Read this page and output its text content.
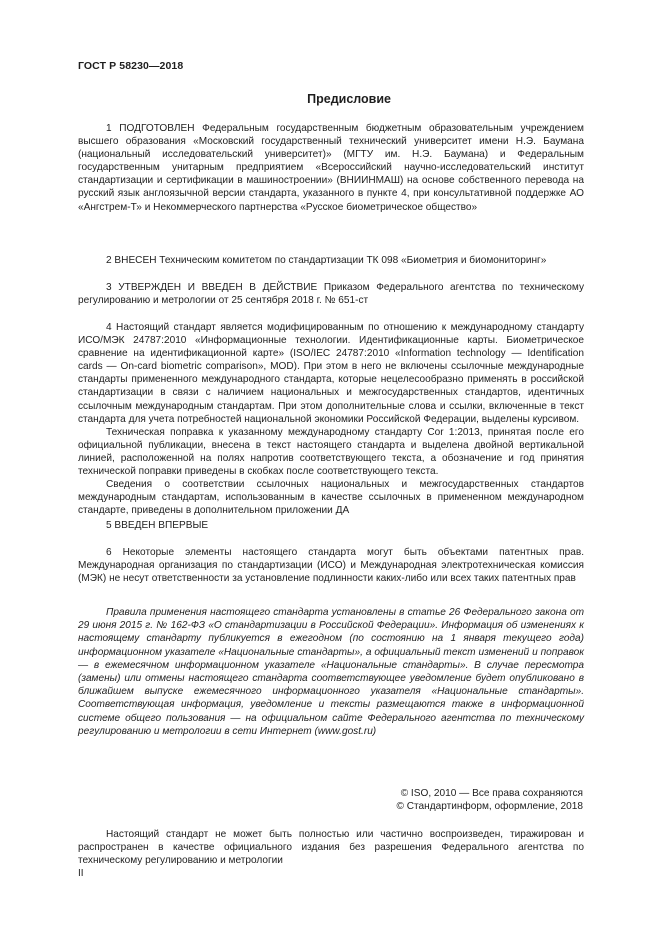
ГОСТ Р 58230—2018
Предисловие

1 ПОДГОТОВЛЕН Федеральным государственным бюджетным образовательным учреждением высшего образования «Московский государственный технический университет имени Н.Э. Баумана (национальный исследовательский университет)» (МГТУ им. Н.Э. Баумана) и Федеральным государственным унитарным предприятием «Всероссийский научно-исследовательский институт стандартизации и сертификации в машиностроении» (ВНИИНМАШ) на основе собственного перевода на русский язык англоязычной версии стандарта, указанного в пункте 4, при консультативной поддержке АО «Ангстрем-Т» и Некоммерческого партнерства «Русское биометрическое общество»

2 ВНЕСЕН Техническим комитетом по стандартизации ТК 098 «Биометрия и биомониторинг»

3 УТВЕРЖДЕН И ВВЕДЕН В ДЕЙСТВИЕ Приказом Федерального агентства по техническому регулированию и метрологии от 25 сентября 2018 г. № 651-ст

4 Настоящий стандарт является модифицированным по отношению к международному стандарту ИСО/МЭК 24787:2010 «Информационные технологии. Идентификационные карты. Биометрическое сравнение на идентификационной карте» (ISO/IEC 24787:2010 «Information technology — Identification cards — On-card biometric comparison», MOD). При этом в него не включены ссылочные международные стандарты примененного международного стандарта, которые нецелесообразно применять в российской стандартизации в связи с наличием национальных и межгосударственных стандартов, идентичных ссылочным международным стандартам. При этом дополнительные слова и ссылки, включенные в текст стандарта для учета потребностей национальной экономики Российской Федерации, выделены курсивом.

Техническая поправка к указанному международному стандарту Cor 1:2013, принятая после его официальной публикации, внесена в текст настоящего стандарта и выделена двойной вертикальной линией, расположенной на полях напротив соответствующего текста, а обозначение и год принятия технической поправки приведены в скобках после соответствующего текста.

Сведения о соответствии ссылочных национальных и межгосударственных стандартов международным стандартам, использованным в качестве ссылочных в примененном международном стандарте, приведены в дополнительном приложении ДА

5 ВВЕДЕН ВПЕРВЫЕ

6 Некоторые элементы настоящего стандарта могут быть объектами патентных прав. Международная организация по стандартизации (ИСО) и Международная электротехническая комиссия (МЭК) не несут ответственности за установление подлинности каких-либо или всех таких патентных прав

Правила применения настоящего стандарта установлены в статье 26 Федерального закона от 29 июня 2015 г. № 162-ФЗ «О стандартизации в Российской Федерации». Информация об изменениях к настоящему стандарту публикуется в ежегодном (по состоянию на 1 января текущего года) информационном указателе «Национальные стандарты», а официальный текст изменений и поправок — в ежемесячном информационном указателе «Национальные стандарты». В случае пересмотра (замены) или отмены настоящего стандарта соответствующее уведомление будет опубликовано в ближайшем выпуске ежемесячного информационного указателя «Национальные стандарты». Соответствующая информация, уведомление и тексты размещаются также в информационной системе общего пользования — на официальном сайте Федерального агентства по техническому регулированию и метрологии в сети Интернет (www.gost.ru)

© ISO, 2010 — Все права сохраняются
© Стандартинформ, оформление, 2018

Настоящий стандарт не может быть полностью или частично воспроизведен, тиражирован и распространен в качестве официального издания без разрешения Федерального агентства по техническому регулированию и метрологии

II
